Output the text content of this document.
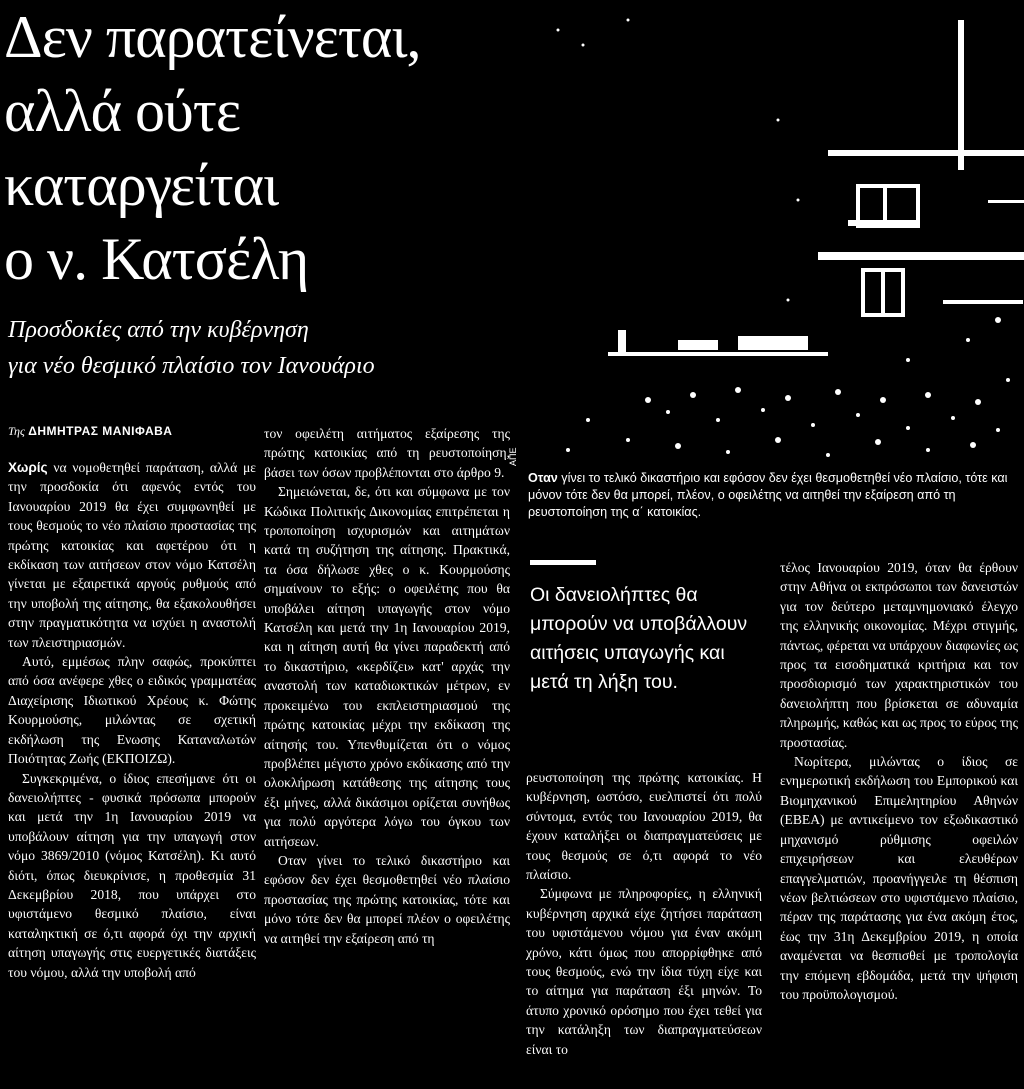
Δεν παρατείνεται,
αλλά ούτε
καταργείται
ο ν. Κατσέλη
Προσδοκίες από την κυβέρνηση
για νέο θεσμικό πλαίσιο τον Ιανουάριο
ΑΠΕ
Οταν γίνει το τελικό δικαστήριο και εφόσον δεν έχει θεσμοθετηθεί νέο πλαίσιο, τότε και μόνον τότε δεν θα μπορεί, πλέον, ο οφειλέτης να αιτηθεί την εξαίρεση από τη ρευστοποίηση της α΄ κατοικίας.
Της ΔΗΜΗΤΡΑΣ ΜΑΝΙΦΑΒΑ

Χωρίς να νομοθετηθεί παράταση, αλλά με την προσδοκία ότι αφενός εντός του Ιανουαρίου 2019 θα έχει συμφωνηθεί με τους θεσμούς το νέο πλαίσιο προστασίας της πρώτης κατοικίας και αφετέρου ότι η εκδίκαση των αιτήσεων στον νόμο Κατσέλη γίνεται με εξαιρετικά αργούς ρυθμούς από την υποβολή της αίτησης, θα εξακολουθήσει στην πραγματικότητα να ισχύει η αναστολή των πλειστηριασμών.

Αυτό, εμμέσως πλην σαφώς, προκύπτει από όσα ανέφερε χθες ο ειδικός γραμματέας Διαχείρισης Ιδιωτικού Χρέους κ. Φώτης Κουρμούσης, μιλώντας σε σχετική εκδήλωση της Ενωσης Καταναλωτών Ποιότητας Ζωής (ΕΚΠΟΙΖΩ).

Συγκεκριμένα, ο ίδιος επεσήμανε ότι οι δανειολήπτες - φυσικά πρόσωπα μπορούν και μετά την 1η Ιανουαρίου 2019 να υποβάλουν αίτηση για την υπαγωγή στον νόμο 3869/2010 (νόμος Κατσέλη). Κι αυτό διότι, όπως διευκρίνισε, η προθεσμία 31 Δεκεμβρίου 2018, που υπάρχει στο υφιστάμενο θεσμικό πλαίσιο, είναι καταληκτική σε ό,τι αφορά όχι την αρχική αίτηση υπαγωγής στις ευεργετικές διατάξεις του νόμου, αλλά την υποβολή από

τον οφειλέτη αιτήματος εξαίρεσης της πρώτης κατοικίας από τη ρευστοποίηση, βάσει των όσων προβλέπονται στο άρθρο 9.

Σημειώνεται, δε, ότι και σύμφωνα με τον Κώδικα Πολιτικής Δικονομίας επιτρέπεται η τροποποίηση ισχυρισμών και αιτημάτων κατά τη συζήτηση της αίτησης. Πρακτικά, τα όσα δήλωσε χθες ο κ. Κουρμούσης σημαίνουν το εξής: ο οφειλέτης που θα υποβάλει αίτηση υπαγωγής στον νόμο Κατσέλη και μετά την 1η Ιανουαρίου 2019, και η αίτηση αυτή θα γίνει παραδεκτή από το δικαστήριο, «κερδίζει» κατ' αρχάς την αναστολή των καταδιωκτικών μέτρων, εν προκειμένω του εκπλειστηριασμού της πρώτης κατοικίας μέχρι την εκδίκαση της αίτησής του. Υπενθυμίζεται ότι ο νόμος προβλέπει μέγιστο χρόνο εκδίκασης από την ολοκλήρωση κατάθεσης της αίτησης τους έξι μήνες, αλλά δικάσιμοι ορίζεται συνήθως για πολύ αργότερα λόγω του όγκου των αιτήσεων.

Οταν γίνει το τελικό δικαστήριο και εφόσον δεν έχει θεσμοθετηθεί νέο πλαίσιο προστασίας της πρώτης κατοικίας, τότε και μόνο τότε δεν θα μπορεί πλέον ο οφειλέτης να αιτηθεί την εξαίρεση από τη

Οι δανειολήπτες θα μπορούν να υποβάλλουν αιτήσεις υπαγωγής και μετά τη λήξη του.

ρευστοποίηση της πρώτης κατοικίας. Η κυβέρνηση, ωστόσο, ευελπιστεί ότι πολύ σύντομα, εντός του Ιανουαρίου 2019, θα έχουν καταλήξει οι διαπραγματεύσεις με τους θεσμούς σε ό,τι αφορά το νέο πλαίσιο.

Σύμφωνα με πληροφορίες, η ελληνική κυβέρνηση αρχικά είχε ζητήσει παράταση του υφιστάμενου νόμου για έναν ακόμη χρόνο, κάτι όμως που απορρίφθηκε από τους θεσμούς, ενώ την ίδια τύχη είχε και το αίτημα για παράταση έξι μηνών. Το άτυπο χρονικό ορόσημο που έχει τεθεί για την κατάληξη των διαπραγματεύσεων είναι το

τέλος Ιανουαρίου 2019, όταν θα έρθουν στην Αθήνα οι εκπρόσωποι των δανειστών για τον δεύτερο μεταμνημονιακό έλεγχο της ελληνικής οικονομίας. Μέχρι στιγμής, πάντως, φέρεται να υπάρχουν διαφωνίες ως προς τα εισοδηματικά κριτήρια και τον προσδιορισμό των χαρακτηριστικών του δανειολήπτη που βρίσκεται σε αδυναμία πληρωμής, καθώς και ως προς το εύρος της προστασίας.

Νωρίτερα, μιλώντας ο ίδιος σε ενημερωτική εκδήλωση του Εμπορικού και Βιομηχανικού Επιμελητηρίου Αθηνών (ΕΒΕΑ) με αντικείμενο τον εξωδικαστικό μηχανισμό ρύθμισης οφειλών επιχειρήσεων και ελευθέρων επαγγελματιών, προανήγγειλε τη θέσπιση νέων βελτιώσεων στο υφιστάμενο πλαίσιο, πέραν της παράτασης για ένα ακόμη έτος, έως την 31η Δεκεμβρίου 2019, η οποία αναμένεται να θεσπισθεί με τροπολογία την επόμενη εβδομάδα, μετά την ψήφιση του προϋπολογισμού.
